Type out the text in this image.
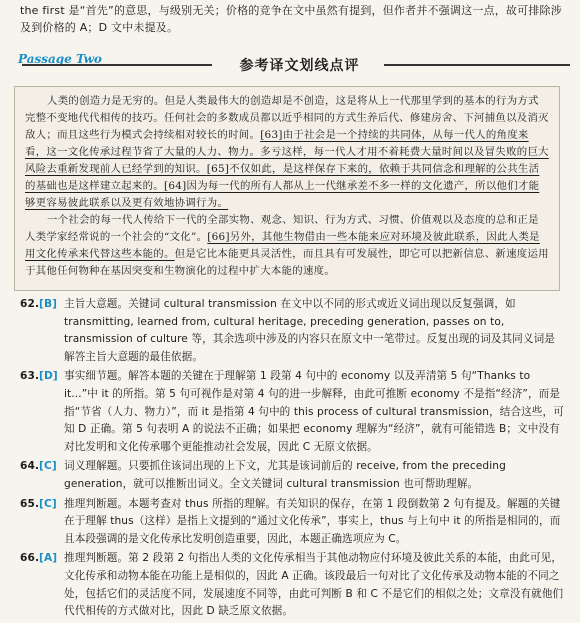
the first 是“首先”的意思，与级别无关；价格的竞争在文中虽然有提到，但作者并不强调这一点，故可排除涉及到价格的 A；D 文中未提及。
Passage Two	参考译文划线点评

人类的创造力是无穷的。但是人类最伟大的创造却是不创造，这是将从上一代那里学到的基本的行为方式完整不变地代代相传的技巧。任何社会的多数成员都以近乎相同的方式生养后代、修建房舍、下河捕鱼以及消灭敌人；而且这些行为模式会持续相对较长的时间。[63]由于社会是一个持续的共同体，从每一代人的角度来看，这一文化传承过程节省了大量的人力、物力。多亏这样，每一代人才用不着耗费大量时间以及冒失败的巨大风险去重新发现前人已经学到的知识。[65]不仅如此，是这样保存下来的，依赖于共同信念和理解的公共生活的基础也是这样建立起来的。[64]因为每一代的所有人都从上一代继承差不多一样的文化遗产，所以他们才能够更容易彼此联系以及更有效地协调行为。

一个社会的每一代人传给下一代的全部实物、观念、知识、行为方式、习惯、价值观以及态度的总和正是人类学家经常说的一个社会的“文化”。[66]另外，其他生物借由一些本能来应对环境及彼此联系，因此人类是用文化传承来代替这些本能的。但是它比本能更具灵活性，而且具有可发展性，即它可以把新信息、新速度运用于其他任何物种在基因突变和生物演化的过程中扩大本能的速度。

62. [B] 主旨大意题。关键词 cultural transmission 在文中以不同的形式或近义词出现以反复强调，如 transmitting, learned from, cultural heritage, preceding generation, passes on to, transmission of culture 等，其余选项中涉及的内容只在原文中一笔带过。反复出现的词及其同义词是解答主旨大意题的最佳依据。
63. [D] 事实细节题。解答本题的关键在于理解第 1 段第 4 句中的 economy 以及弄清第 5 句“Thanks to it...”中 it 的所指。第 5 句可视作是对第 4 句的进一步解释，由此可推断 economy 不是指“经济”，而是指“节省（人力、物力）”，而 it 是指第 4 句中的 this process of cultural transmission，结合这些，可知 D 正确。第 5 句表明 A 的说法不正确；如果把 economy 理解为“经济”，就有可能错选 B；文中没有对比发明和文化传承哪个更能推动社会发展，因此 C 无原文依据。
64. [C] 词义理解题。只要抓住该词出现的上下文，尤其是该词前后的 receive, from the preceding generation，就可以推断出词义。全文关键词 cultural transmission 也可帮助理解。
65. [C] 推理判断题。本题考查对 thus 所指的理解。有关知识的保存，在第 1 段倒数第 2 句有提及。解题的关键在于理解 thus（这样）是指上文提到的“通过文化传承”，事实上，thus 与上句中 it 的所指是相同的，而且本段强调的是文化传承比发明创造重要，因此，本题正确选项应为 C。
66. [A] 推理判断题。第 2 段第 2 句指出人类的文化传承相当于其他动物应付环境及彼此关系的本能，由此可见，文化传承和动物本能在功能上是相似的，因此 A 正确。该段最后一句对比了文化传承及动物本能的不同之处，包括它们的灵活度不同，发展速度不同等，由此可判断 B 和 C 不是它们的相似之处；文章没有就他们代代相传的方式做对比，因此 D 缺乏原文依据。
